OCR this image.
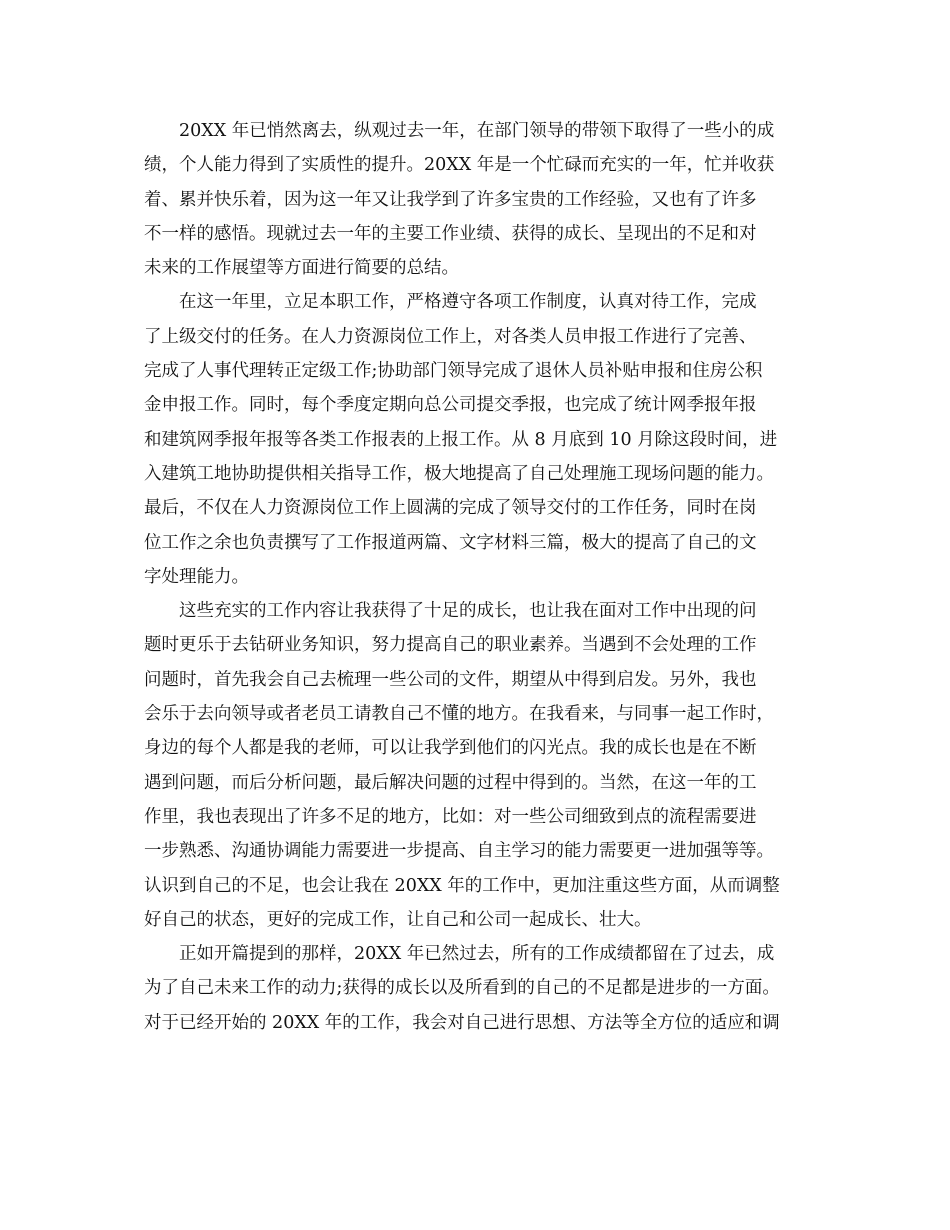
20XX 年已悄然离去，纵观过去一年，在部门领导的带领下取得了一些小的成
绩，个人能力得到了实质性的提升。20XX 年是一个忙碌而充实的一年，忙并收获
着、累并快乐着，因为这一年又让我学到了许多宝贵的工作经验，又也有了许多
不一样的感悟。现就过去一年的主要工作业绩、获得的成长、呈现出的不足和对
未来的工作展望等方面进行简要的总结。
在这一年里，立足本职工作，严格遵守各项工作制度，认真对待工作，完成
了上级交付的任务。在人力资源岗位工作上，对各类人员申报工作进行了完善、
完成了人事代理转正定级工作;协助部门领导完成了退休人员补贴申报和住房公积
金申报工作。同时，每个季度定期向总公司提交季报，也完成了统计网季报年报
和建筑网季报年报等各类工作报表的上报工作。从 8 月底到 10 月除这段时间，进
入建筑工地协助提供相关指导工作，极大地提高了自己处理施工现场问题的能力。
最后，不仅在人力资源岗位工作上圆满的完成了领导交付的工作任务，同时在岗
位工作之余也负责撰写了工作报道两篇、文字材料三篇，极大的提高了自己的文
字处理能力。
这些充实的工作内容让我获得了十足的成长，也让我在面对工作中出现的问
题时更乐于去钻研业务知识，努力提高自己的职业素养。当遇到不会处理的工作
问题时，首先我会自己去梳理一些公司的文件，期望从中得到启发。另外，我也
会乐于去向领导或者老员工请教自己不懂的地方。在我看来，与同事一起工作时，
身边的每个人都是我的老师，可以让我学到他们的闪光点。我的成长也是在不断
遇到问题，而后分析问题，最后解决问题的过程中得到的。当然，在这一年的工
作里，我也表现出了许多不足的地方，比如：对一些公司细致到点的流程需要进
一步熟悉、沟通协调能力需要进一步提高、自主学习的能力需要更一进加强等等。
认识到自己的不足，也会让我在 20XX 年的工作中，更加注重这些方面，从而调整
好自己的状态，更好的完成工作，让自己和公司一起成长、壮大。
正如开篇提到的那样，20XX 年已然过去，所有的工作成绩都留在了过去，成
为了自己未来工作的动力;获得的成长以及所看到的自己的不足都是进步的一方面。
对于已经开始的 20XX 年的工作，我会对自己进行思想、方法等全方位的适应和调
